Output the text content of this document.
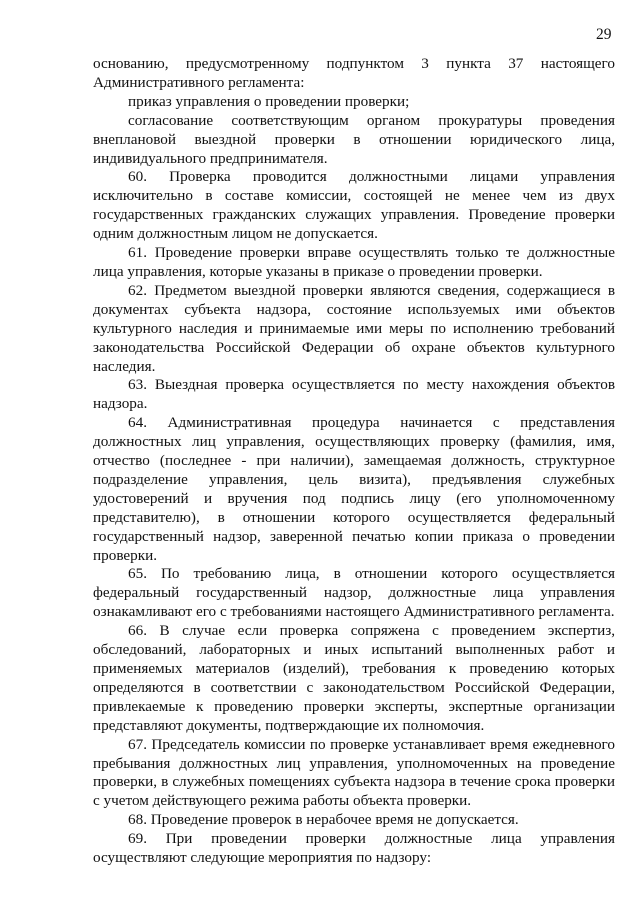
29

основанию, предусмотренному подпунктом 3 пункта 37 настоящего Административного регламента:

приказ управления о проведении проверки;

согласование соответствующим органом прокуратуры проведения внеплановой выездной проверки в отношении юридического лица, индивидуального предпринимателя.

60. Проверка проводится должностными лицами управления исключительно в составе комиссии, состоящей не менее чем из двух государственных гражданских служащих управления. Проведение проверки одним должностным лицом не допускается.

61. Проведение проверки вправе осуществлять только те должностные лица управления, которые указаны в приказе о проведении проверки.

62. Предметом выездной проверки являются сведения, содержащиеся в документах субъекта надзора, состояние используемых ими объектов культурного наследия и принимаемые ими меры по исполнению требований законодательства Российской Федерации об охране объектов культурного наследия.

63. Выездная проверка осуществляется по месту нахождения объектов надзора.

64. Административная процедура начинается с представления должностных лиц управления, осуществляющих проверку (фамилия, имя, отчество (последнее - при наличии), замещаемая должность, структурное подразделение управления, цель визита), предъявления служебных удостоверений и вручения под подпись лицу (его уполномоченному представителю), в отношении которого осуществляется федеральный государственный надзор, заверенной печатью копии приказа о проведении проверки.

65. По требованию лица, в отношении которого осуществляется федеральный государственный надзор, должностные лица управления ознакамливают его с требованиями настоящего Административного регламента.

66. В случае если проверка сопряжена с проведением экспертиз, обследований, лабораторных и иных испытаний выполненных работ и применяемых материалов (изделий), требования к проведению которых определяются в соответствии с законодательством Российской Федерации, привлекаемые к проведению проверки эксперты, экспертные организации представляют документы, подтверждающие их полномочия.

67. Председатель комиссии по проверке устанавливает время ежедневного пребывания должностных лиц управления, уполномоченных на проведение проверки, в служебных помещениях субъекта надзора в течение срока проверки с учетом действующего режима работы объекта проверки.

68. Проведение проверок в нерабочее время не допускается.

69. При проведении проверки должностные лица управления осуществляют следующие мероприятия по надзору:
